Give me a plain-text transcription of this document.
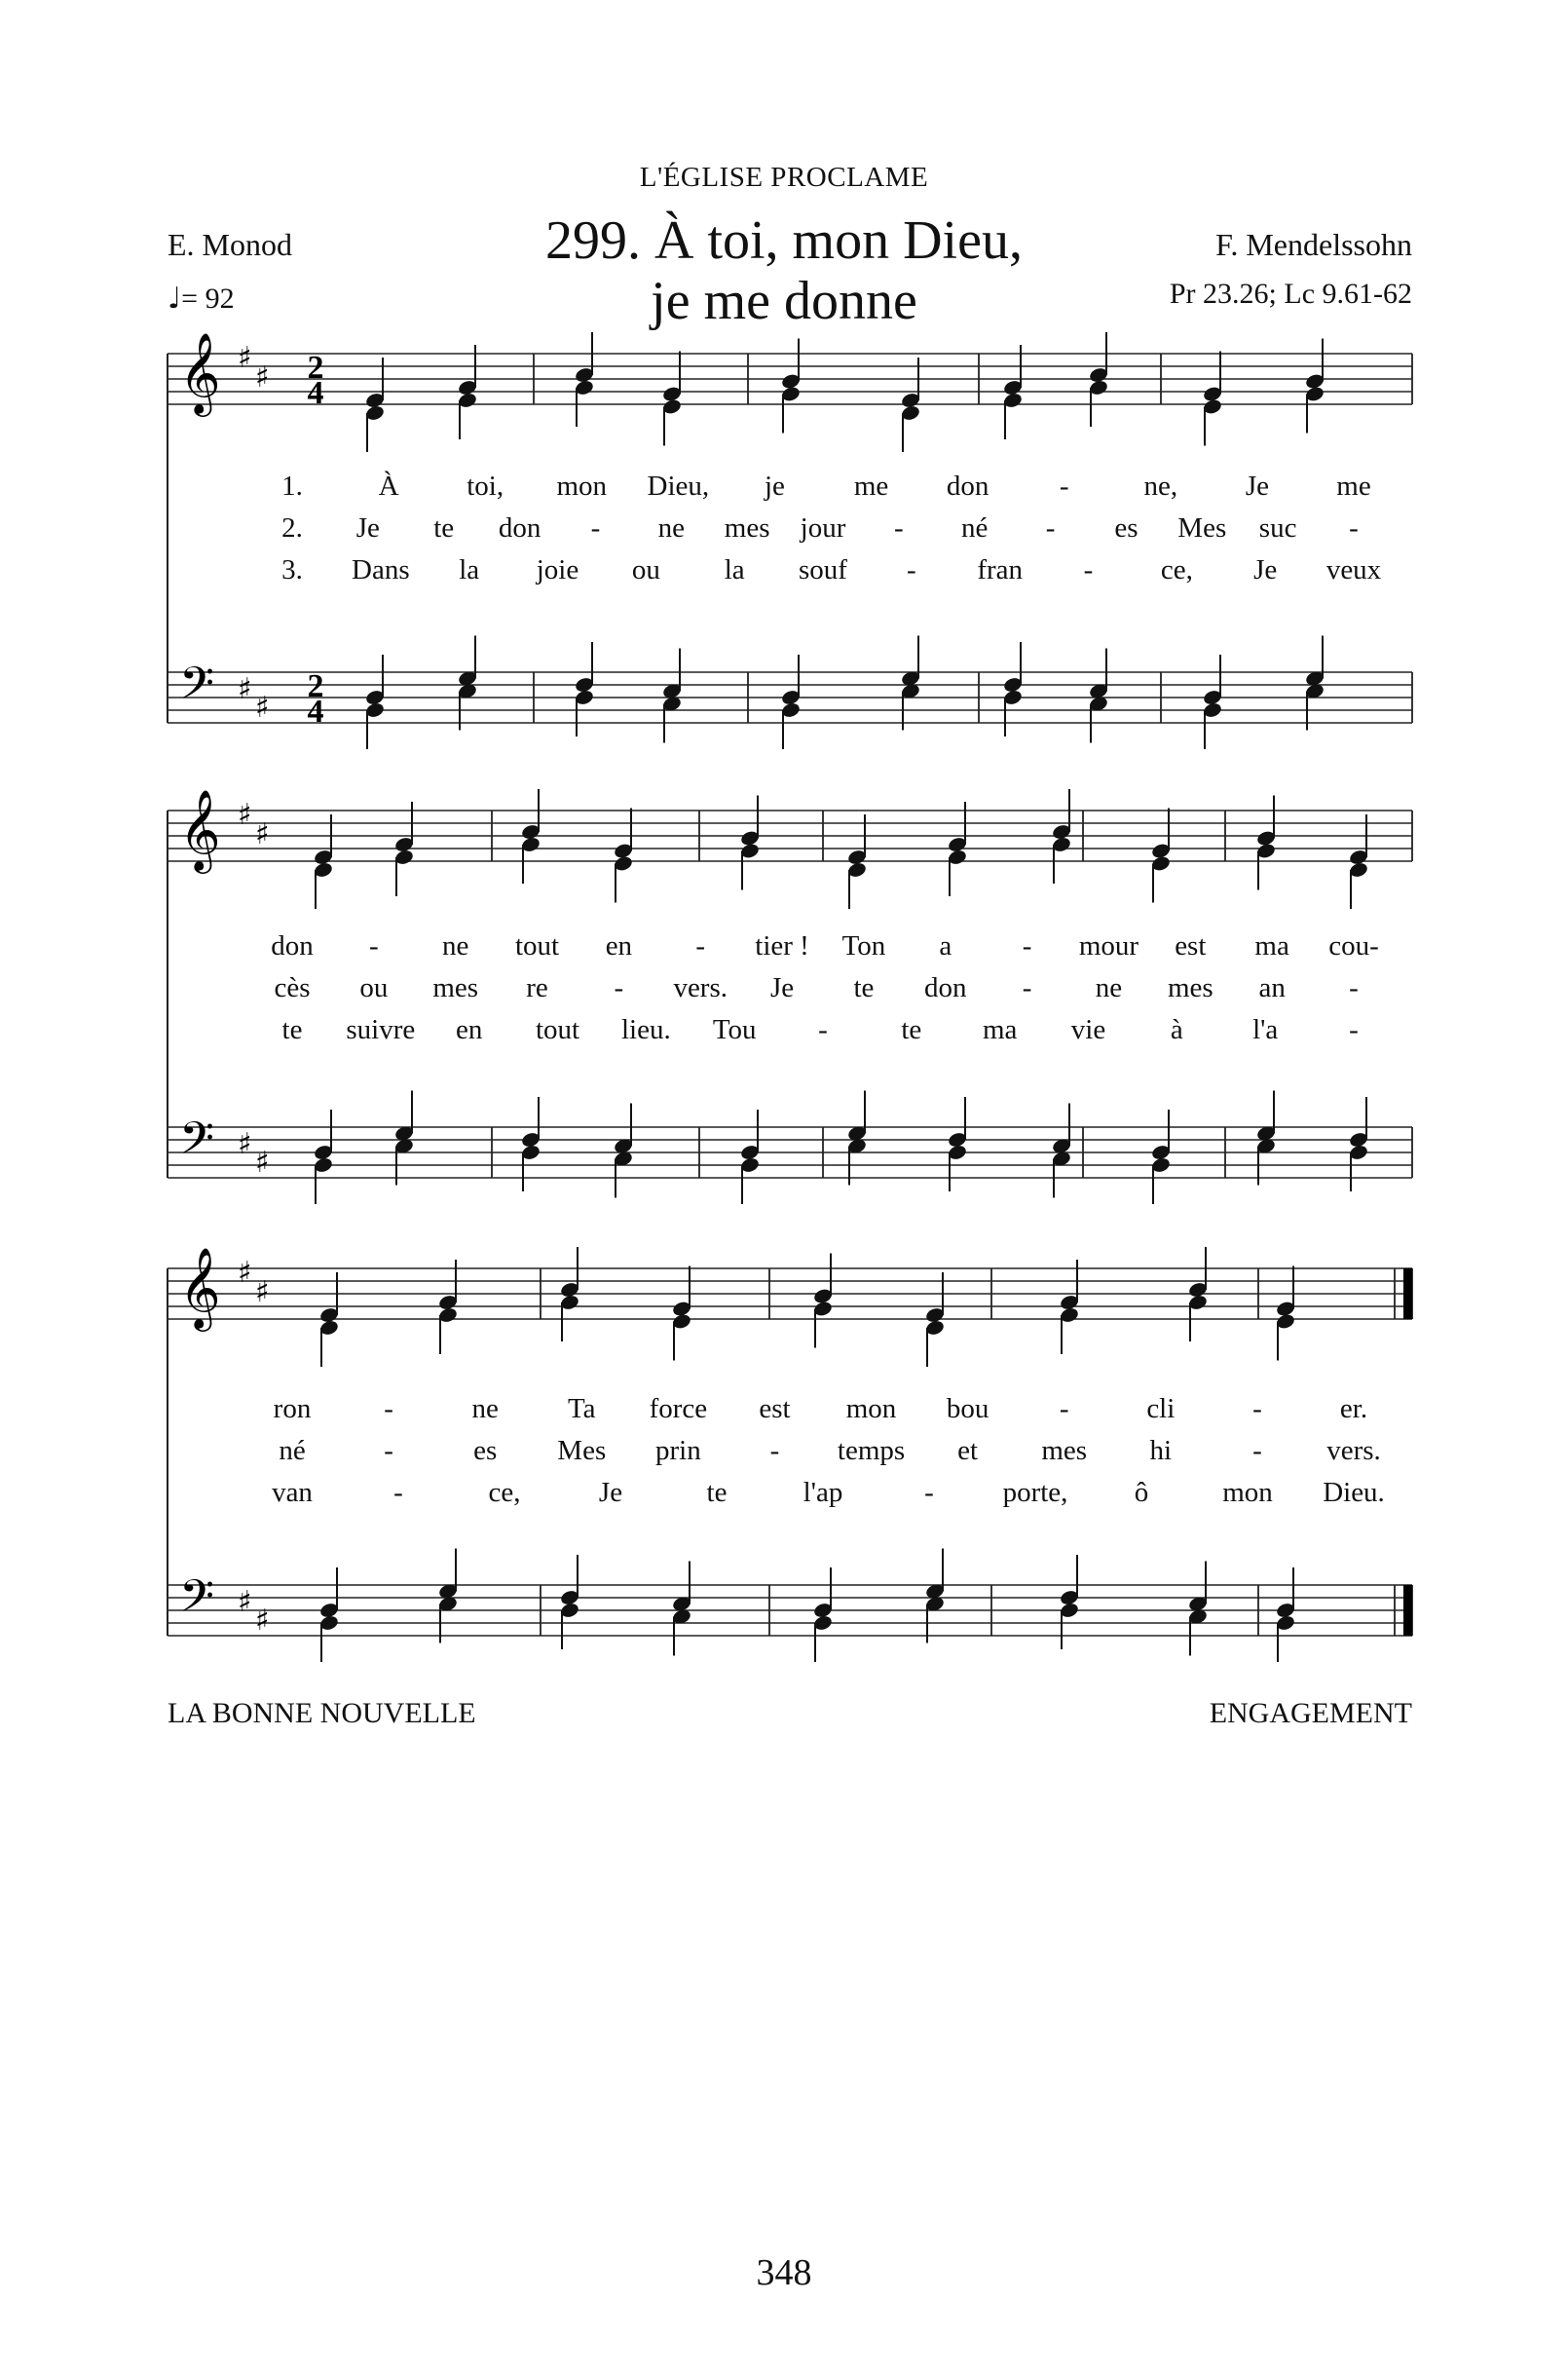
L'ÉGLISE PROCLAME
E. Monod	F. Mendelssohn
299. À toi, mon Dieu,
je me donne	Pr 23.26; Lc 9.61-62
♩= 92
𝄞 ♯
♯ 2
4
𝄢 ♯
♯
2
4
1.	À toi, mon Dieu, je me don	-	ne, Je me
2. Je te don - ne mes jour - né - es Mes suc -
3. Dans la joie ou la souf - fran - ce, Je veux
𝄞 ♯
♯
𝄢 ♯
♯
don - ne tout en - tier ! Ton a	- mour est ma cou-
cès ou mes re - vers. Je te don - ne mes an -
te suivre en tout lieu. Tou -	te ma vie à l'a	-
𝄞 ♯
♯
𝄢 ♯
♯
ron	-	ne Ta force est mon bou	-	cli	-	er.
né	-	es Mes prin - temps et mes hi	- vers.
van	-	ce,	Je	te	l'ap	- porte, ô	mon Dieu.
LA BONNE NOUVELLE	ENGAGEMENT
348
